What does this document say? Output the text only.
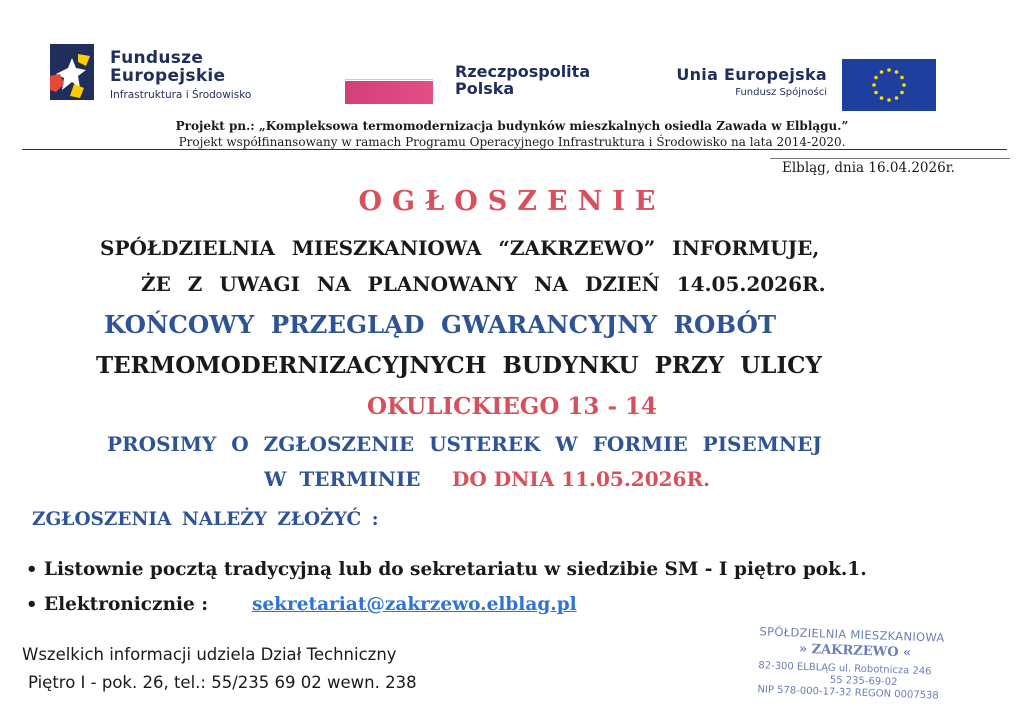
Fundusze
Europejskie
Infrastruktura i Środowisko
Rzeczpospolita
Polska
Unia Europejska
Fundusz Spójności
Projekt pn.: „Kompleksowa termomodernizacja budynków mieszkalnych osiedla Zawada w Elblągu.”
Projekt współfinansowany w ramach Programu Operacyjnego Infrastruktura i Środowisko na lata 2014-2020.
Elbląg, dnia 16.04.2026r.
OGŁOSZENIE
SPÓŁDZIELNIA MIESZKANIOWA “ZAKRZEWO” INFORMUJE,
ŻE Z UWAGI NA PLANOWANY NA DZIEŃ 14.05.2026R.
KOŃCOWY PRZEGLĄD GWARANCYJNY ROBÓT
TERMOMODERNIZACYJNYCH BUDYNKU PRZY ULICY
OKULICKIEGO 13 - 14
PROSIMY O ZGŁOSZENIE USTEREK W FORMIE PISEMNEJ
W TERMINIE DO DNIA 11.05.2026R.
ZGŁOSZENIA NALEŻY ZŁOŻYĆ :
• Listownie pocztą tradycyjną lub do sekretariatu w siedzibie SM - I piętro pok.1.
• Elektronicznie : sekretariat@zakrzewo.elblag.pl
Wszelkich informacji udziela Dział Techniczny
Piętro I - pok. 26, tel.: 55/235 69 02 wewn. 238
SPÓŁDZIELNIA MIESZKANIOWA
» ZAKRZEWO «
82-300 ELBLĄG ul. Robotnicza 246
55 235-69-02
NIP 578-000-17-32 REGON 0007538
